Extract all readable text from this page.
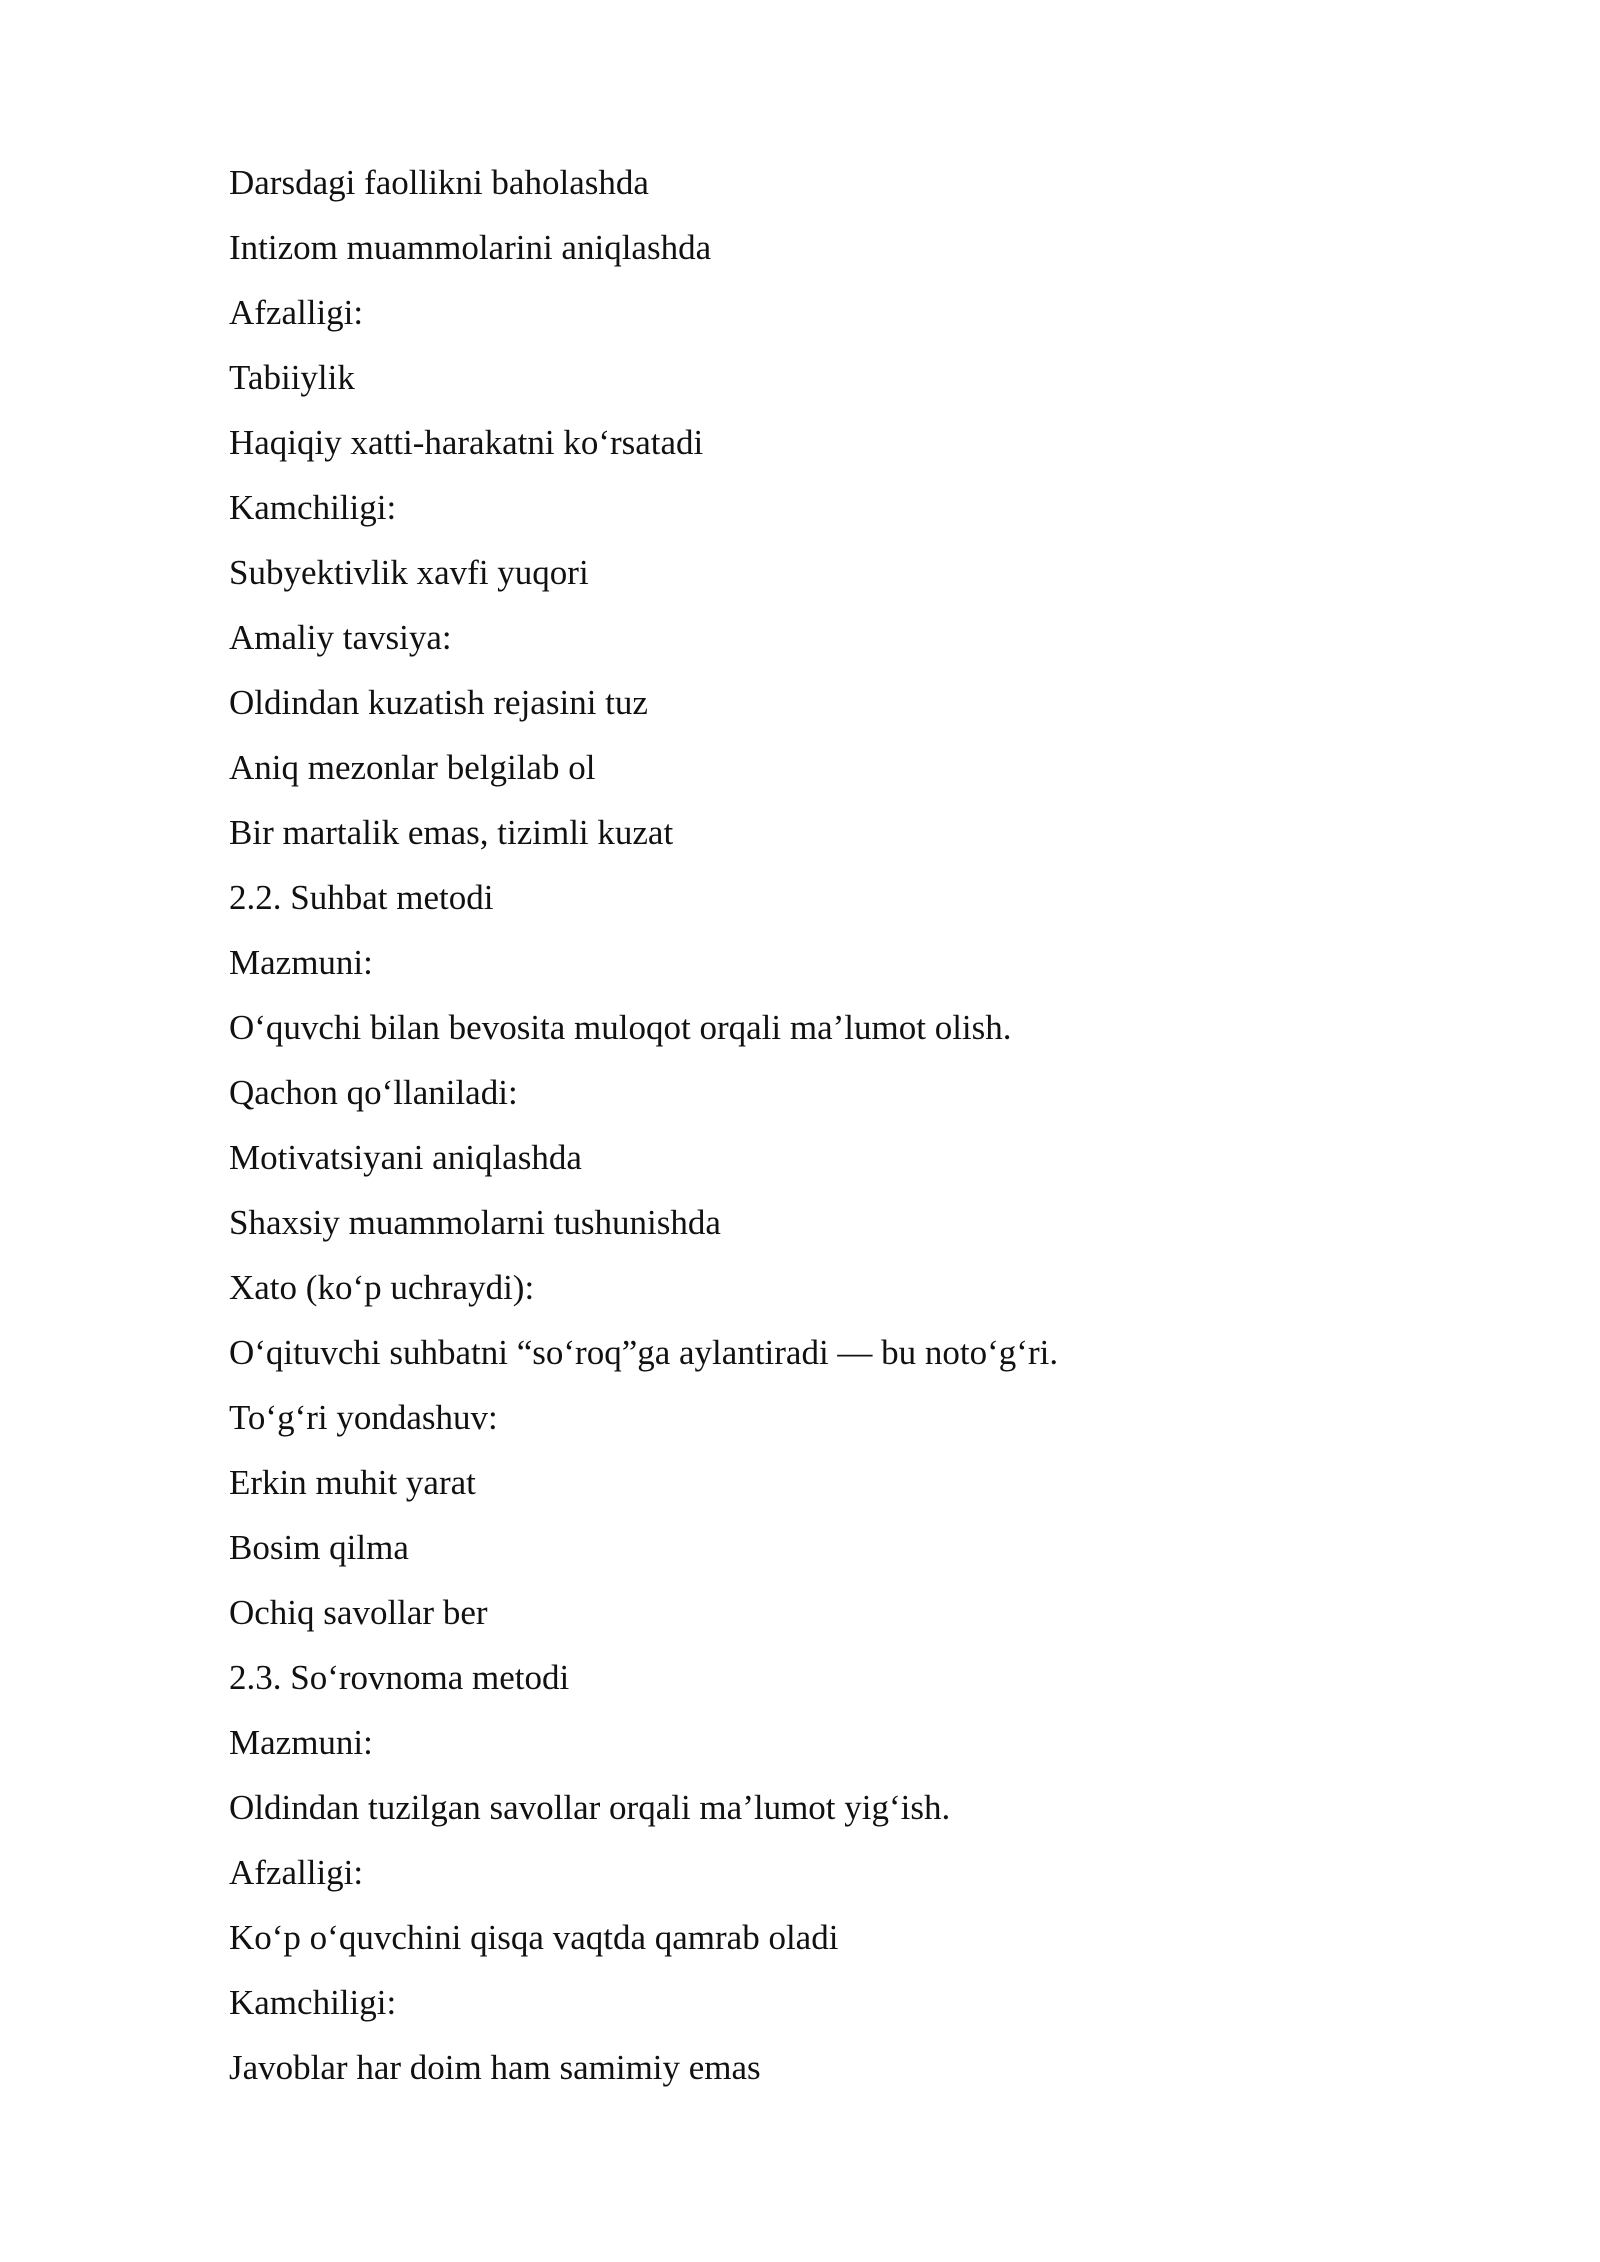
Darsdagi faollikni baholashda
Intizom muammolarini aniqlashda
Afzalligi:
Tabiiylik
Haqiqiy xatti-harakatni ko‘rsatadi
Kamchiligi:
Subyektivlik xavfi yuqori
Amaliy tavsiya:
Oldindan kuzatish rejasini tuz
Aniq mezonlar belgilab ol
Bir martalik emas, tizimli kuzat
2.2. Suhbat metodi
Mazmuni:
O‘quvchi bilan bevosita muloqot orqali ma’lumot olish.
Qachon qo‘llaniladi:
Motivatsiyani aniqlashda
Shaxsiy muammolarni tushunishda
Xato (ko‘p uchraydi):
O‘qituvchi suhbatni “so‘roq”ga aylantiradi — bu noto‘g‘ri.
To‘g‘ri yondashuv:
Erkin muhit yarat
Bosim qilma
Ochiq savollar ber
2.3. So‘rovnoma metodi
Mazmuni:
Oldindan tuzilgan savollar orqali ma’lumot yig‘ish.
Afzalligi:
Ko‘p o‘quvchini qisqa vaqtda qamrab oladi
Kamchiligi:
Javoblar har doim ham samimiy emas
